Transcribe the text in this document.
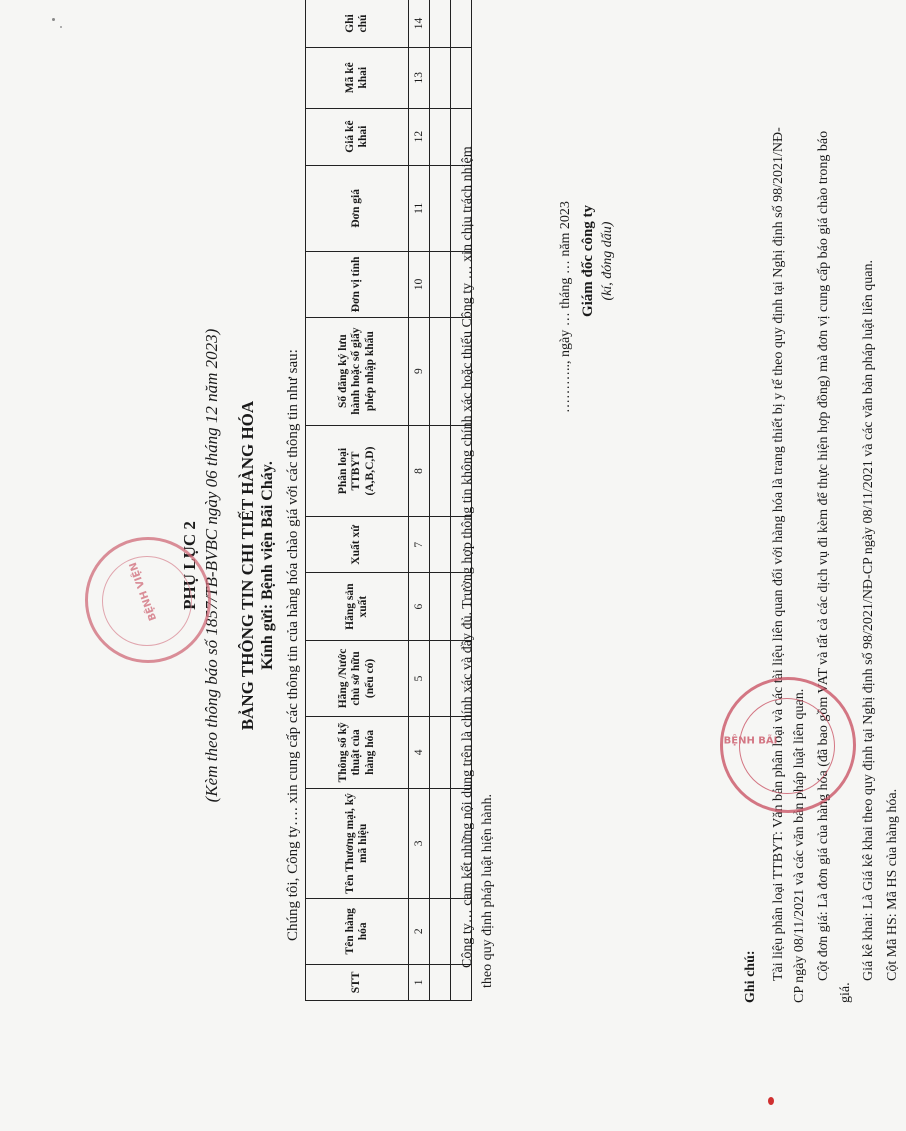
PHỤ LỤC 2 (Kèm theo thông báo số 1857/TB-BVBC ngày 06 tháng 12 năm 2023) BẢNG THÔNG TIN CHI TIẾT HÀNG HÓA Kính gửi: Bệnh viện Bãi Cháy. Chúng tôi, Công ty…. xin cung cấp các thông tin của hàng hóa chào giá với các thông tin như sau:
STT	Tên hàng hóa	Tên Thương mại, ký mã hiệu	Thông số kỹ thuật của hàng hóa	Hãng /Nước chủ sở hữu (nếu có)	Hãng sản xuất	Xuất xứ	Phân loại TTBYT (A,B,C,D)	Số đăng ký lưu hành hoặc số giấy phép nhập khẩu	Đơn vị tính	Đơn giá	Giá kê khai	Mã kê khai	Ghi chú
1	2	3	4	5	6	7	8	9	10	11	12	13	14

Công ty… cam kết những nội dung trên là chính xác và đầy đủ. Trường hợp thông tin không chính xác hoặc thiếu Công ty … xin chịu trách nhiệm theo quy định pháp luật hiện hành.
……….., ngày … tháng … năm 2023 Giám đốc công ty (kí, đóng dấu)
Ghi chú: Tài liệu phân loại TTBYT: Văn bản phân loại và các tài liệu liên quan đối với hàng hóa là trang thiết bị y tế theo quy định tại Nghị định số 98/2021/NĐ-CP ngày 08/11/2021 và các văn bản pháp luật liên quan. Cột đơn giá: Là đơn giá của hàng hóa (đã bao gồm VAT và tất cả các dịch vụ đi kèm để thực hiện hợp đồng) mà đơn vị cung cấp báo giá chào trong báo giá.

Giá kê khai: Là Giá kê khai theo quy định tại Nghị định số 98/2021/NĐ-CP ngày 08/11/2021 và các văn bản pháp luật liên quan. Cột Mã HS: Mã HS của hàng hóa.

BỆNH VIỆN
BỆNH BÃI
